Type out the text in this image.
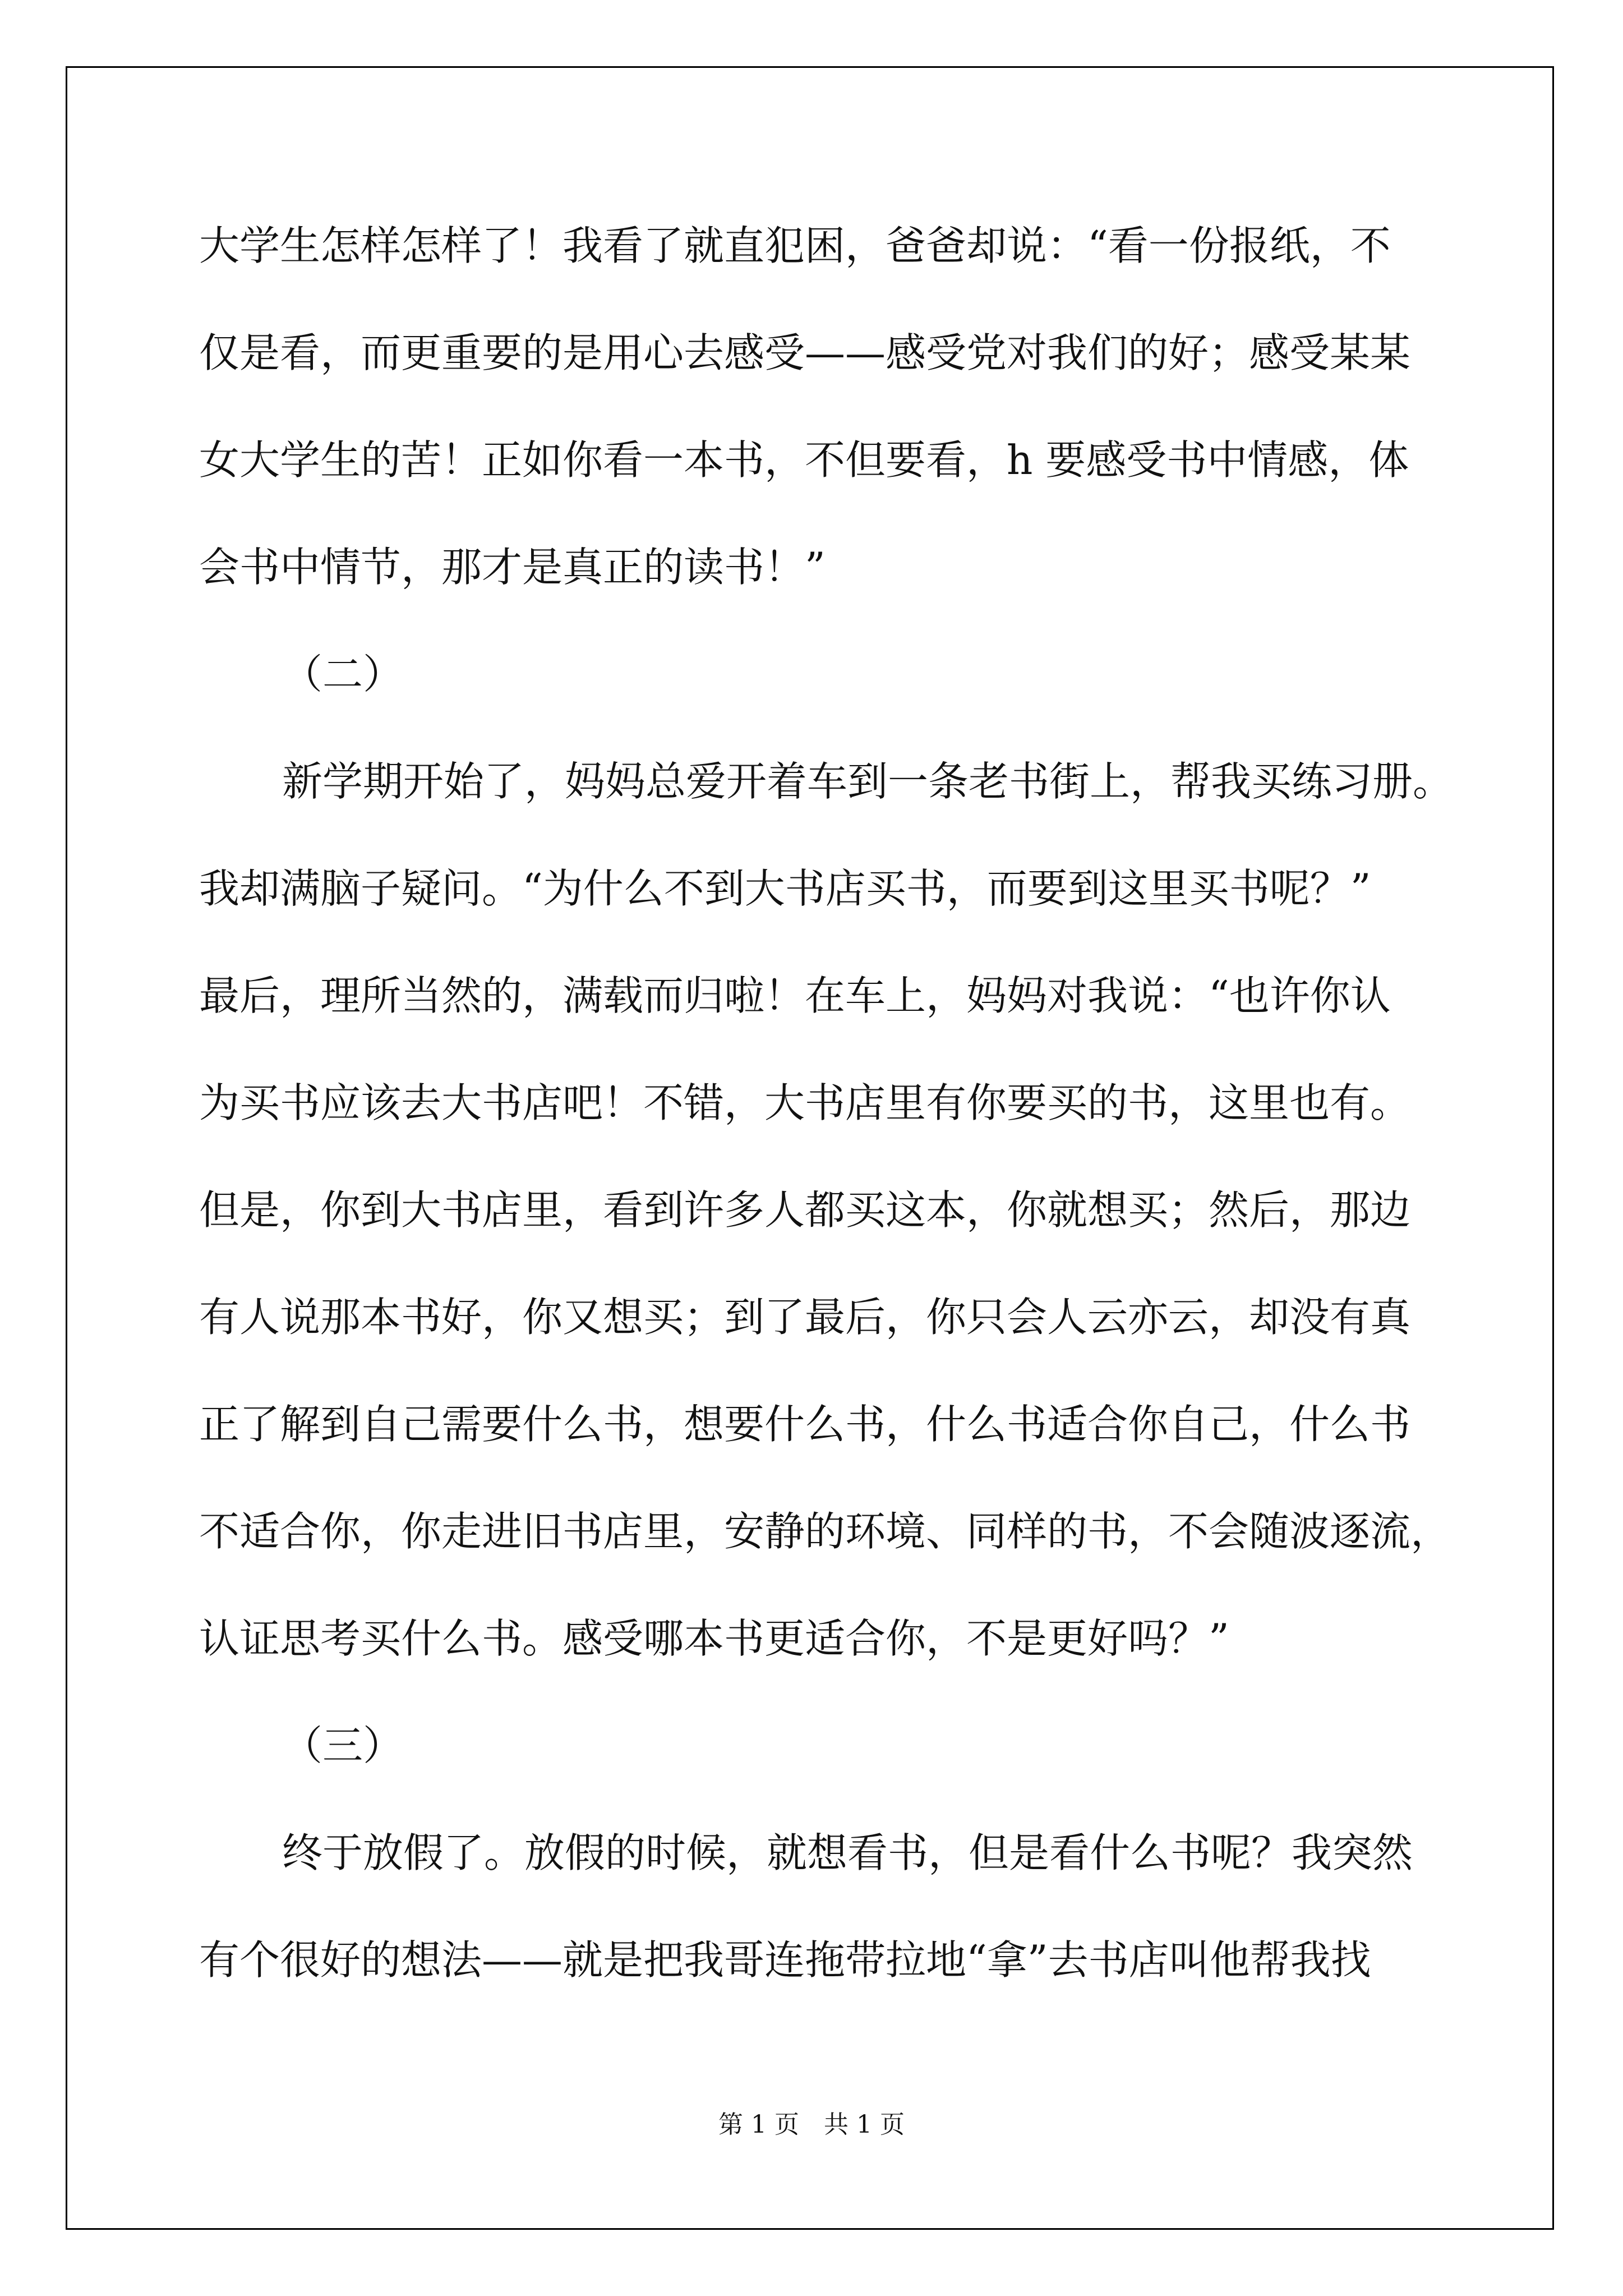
大学生怎样怎样了！我看了就直犯困，爸爸却说：“看一份报纸，不
仅是看，而更重要的是用心去感受——感受党对我们的好；感受某某
女大学生的苦！正如你看一本书，不但要看，h 要感受书中情感，体
会书中情节，那才是真正的读书！”
（二）
新学期开始了，妈妈总爱开着车到一条老书街上，帮我买练习册。
我却满脑子疑问。“为什么不到大书店买书，而要到这里买书呢？”
最后，理所当然的，满载而归啦！在车上，妈妈对我说：“也许你认
为买书应该去大书店吧！不错，大书店里有你要买的书，这里也有。
但是，你到大书店里，看到许多人都买这本，你就想买；然后，那边
有人说那本书好，你又想买；到了最后，你只会人云亦云，却没有真
正了解到自己需要什么书，想要什么书，什么书适合你自己，什么书
不适合你，你走进旧书店里，安静的环境、同样的书，不会随波逐流，
认证思考买什么书。感受哪本书更适合你，不是更好吗？”
（三）
终于放假了。放假的时候，就想看书，但是看什么书呢？我突然
有个很好的想法——就是把我哥连拖带拉地“拿”去书店叫他帮我找
第 1 页　共 1 页
